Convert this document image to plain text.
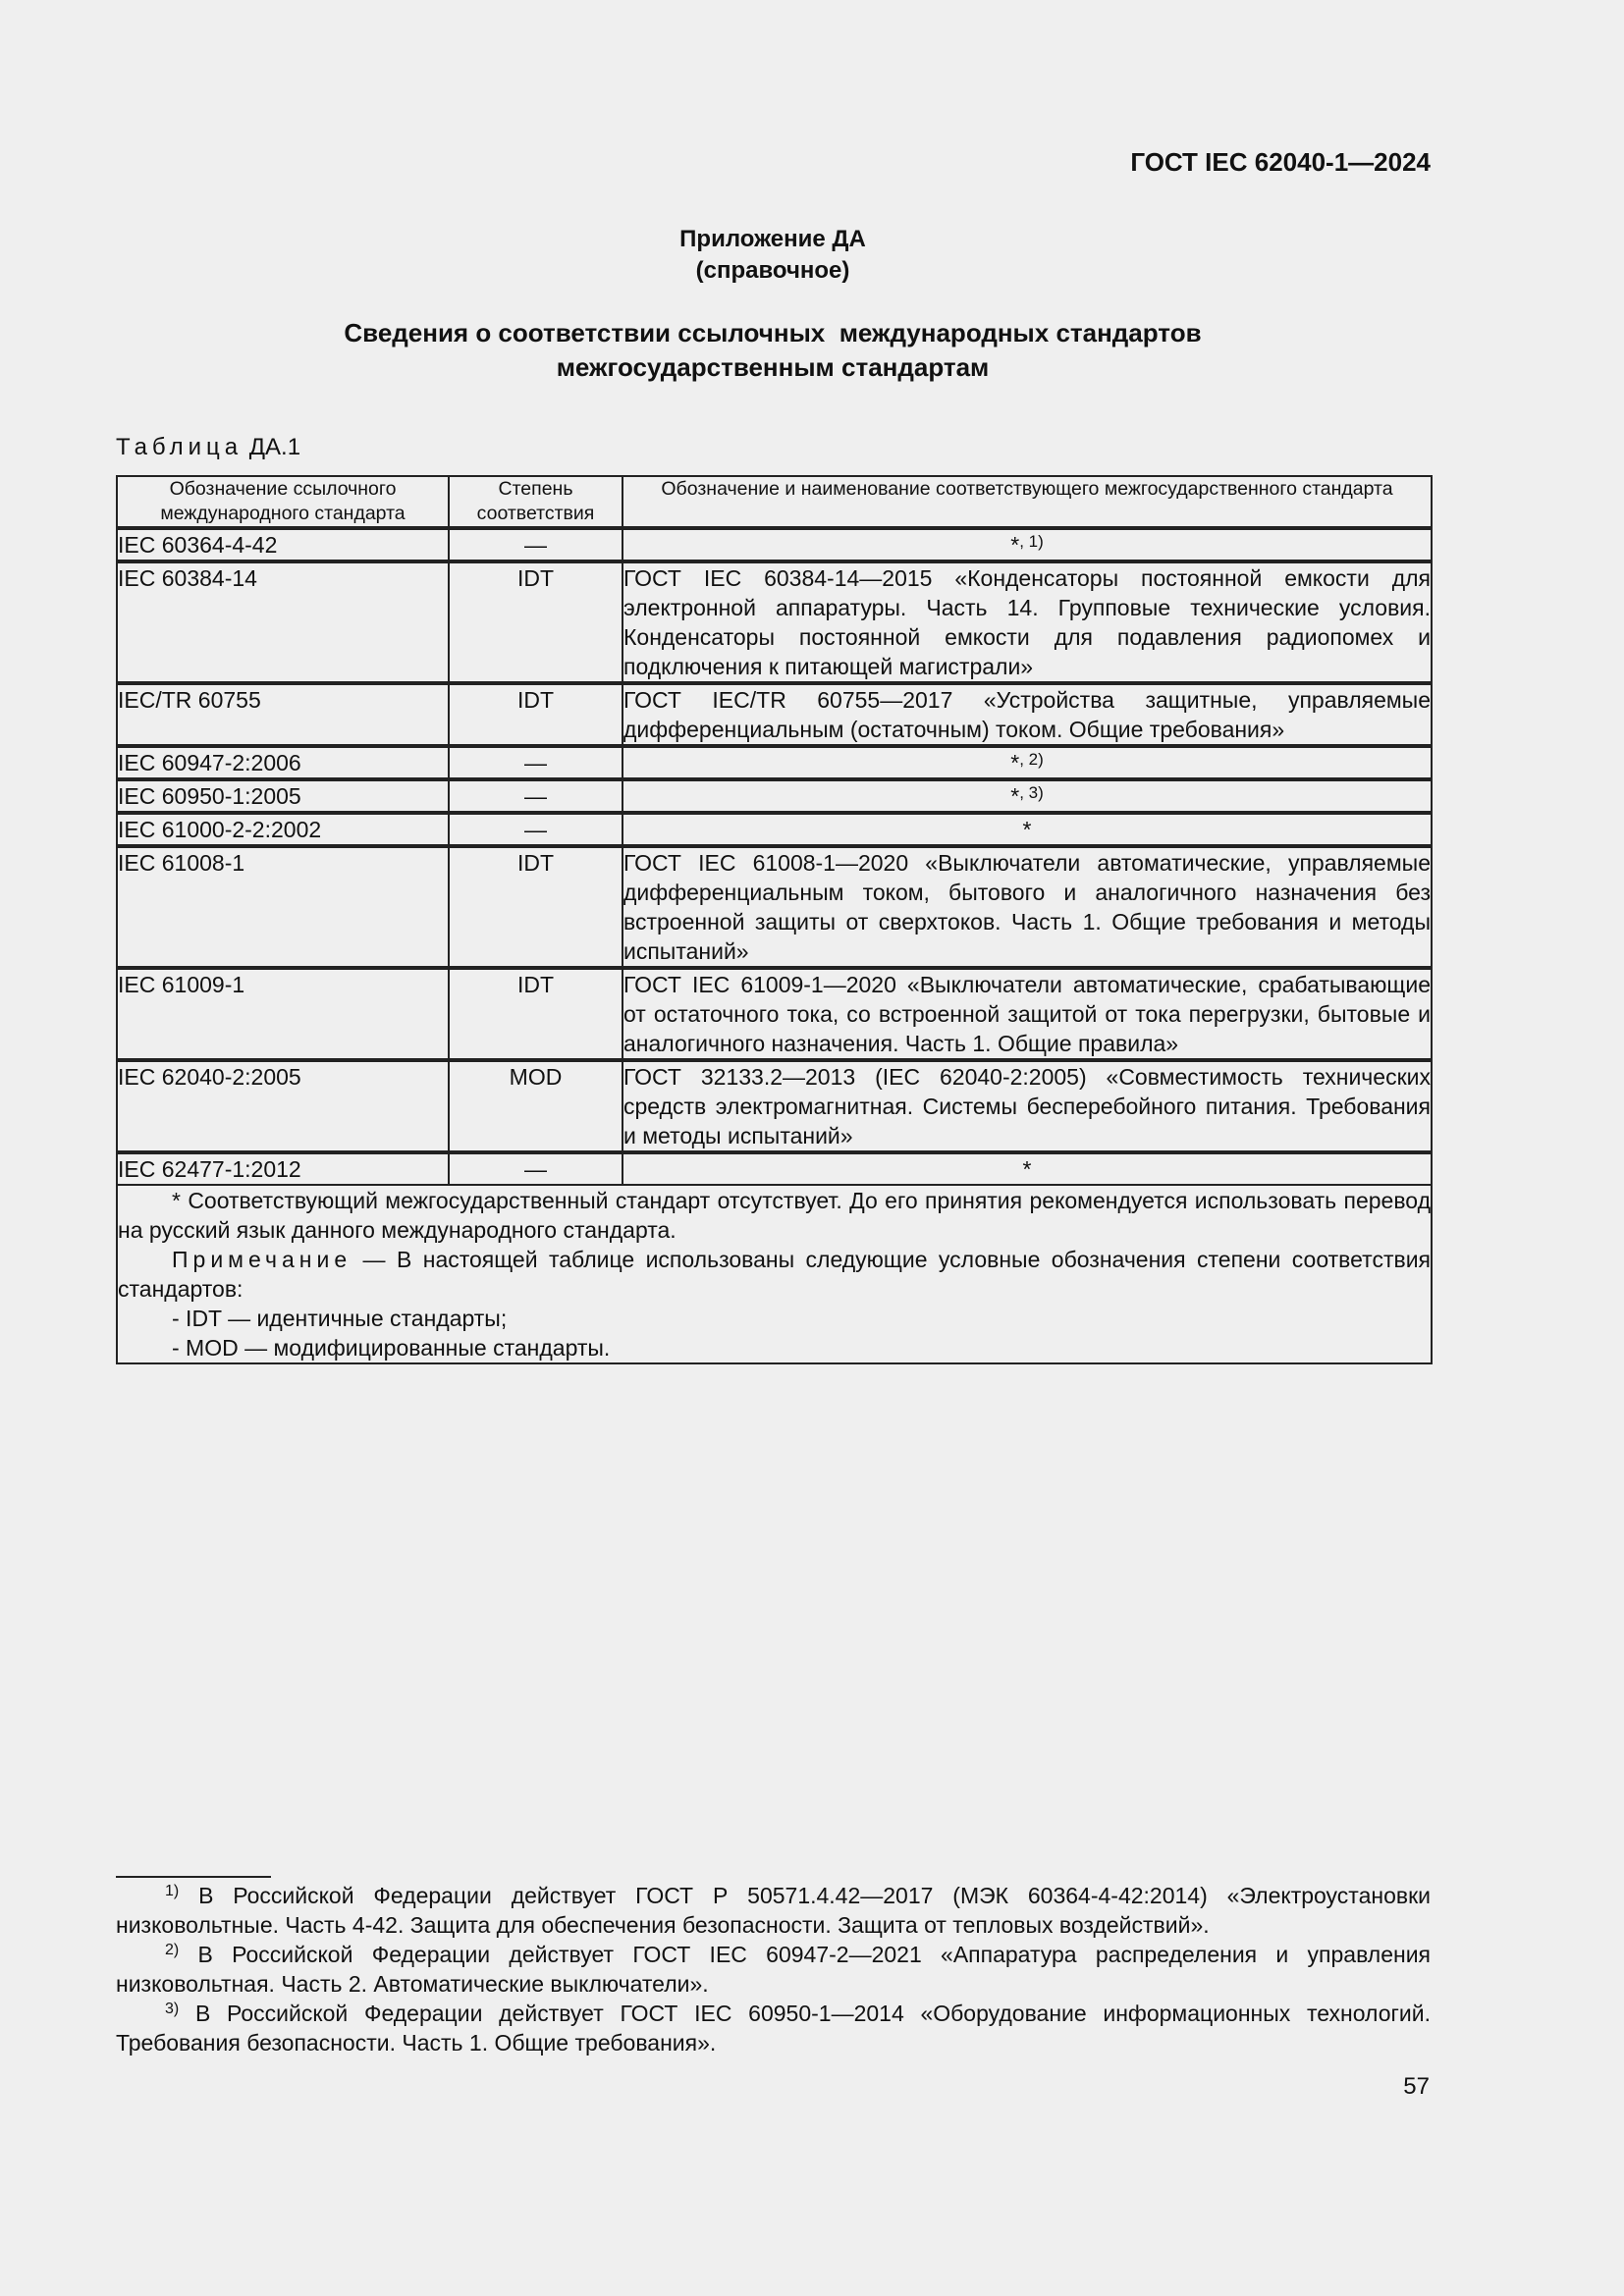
ГОСТ IEC 62040-1—2024
Приложение ДА
(справочное)
Сведения о соответствии ссылочных  международных стандартов
межгосударственным стандартам
Таблица ДА.1
Обозначение ссылочного международного стандарта	Степень соответствия	Обозначение и наименование соответствующего межгосударственного стандарта
IEC 60364-4-42	—	*$^{, 1)}$
IEC 60384-14	IDT	ГОСТ IEC 60384-14—2015 «Конденсаторы постоянной емкости для электронной аппаратуры. Часть 14. Групповые технические условия. Конденсаторы постоянной емкости для подавления радиопомех и подключения к питающей магистрали»
IEC/TR 60755	IDT	ГОСТ IEC/TR 60755—2017 «Устройства защитные, управляемые дифференциальным (остаточным) током. Общие требования»
IEC 60947-2:2006	—	*$^{, 2)}$
IEC 60950-1:2005	—	*$^{, 3)}$
IEC 61000-2-2:2002	—	*
IEC 61008-1	IDT	ГОСТ IEC 61008-1—2020 «Выключатели автоматические, управляемые дифференциальным током, бытового и аналогичного назначения без встроенной защиты от сверхтоков. Часть 1. Общие требования и методы испытаний»
IEC 61009-1	IDT	ГОСТ IEC 61009-1—2020 «Выключатели автоматические, срабатывающие от остаточного тока, со встроенной защитой от тока перегрузки, бытовые и аналогичного назначения. Часть 1. Общие правила»
IEC 62040-2:2005	MOD	ГОСТ 32133.2—2013 (IEC 62040-2:2005) «Совместимость технических средств электромагнитная. Системы бесперебойного питания. Требования и методы испытаний»
IEC 62477-1:2012	—	*

* Соответствующий межгосударственный стандарт отсутствует. До его принятия рекомендуется использовать перевод на русский язык данного международного стандарта.

Примечание — В настоящей таблице использованы следующие условные обозначения степени соответствия стандартов:

- IDT — идентичные стандарты;

- MOD — модифицированные стандарты.		

$^{1)}$ В Российской Федерации действует ГОСТ Р 50571.4.42—2017 (МЭК 60364-4-42:2014) «Электроустановки низковольтные. Часть 4-42. Защита для обеспечения безопасности. Защита от тепловых воздействий».

$^{2)}$ В Российской Федерации действует ГОСТ IEC 60947-2—2021 «Аппаратура распределения и управления низковольтная. Часть 2. Автоматические выключатели».

$^{3)}$ В Российской Федерации действует ГОСТ IEC 60950-1—2014 «Оборудование информационных технологий. Требования безопасности. Часть 1. Общие требования».

57
